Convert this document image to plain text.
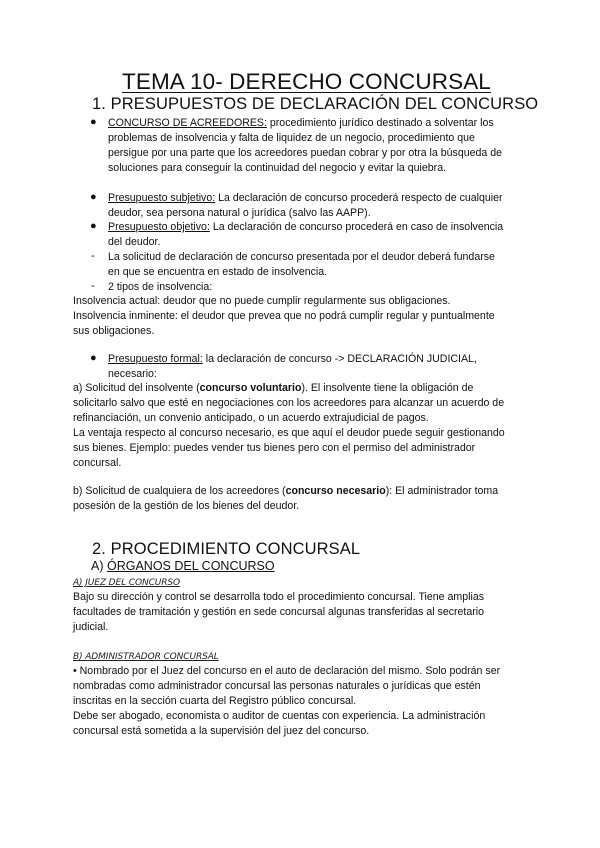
TEMA 10- DERECHO CONCURSAL
1. PRESUPUESTOS DE DECLARACIÓN DEL CONCURSO
● CONCURSO DE ACREEDORES: procedimiento jurídico destinado a solventar los
problemas de insolvencia y falta de liquidez de un negocio, procedimiento que
persigue por una parte que los acreedores puedan cobrar y por otra la búsqueda de
soluciones para conseguir la continuidad del negocio y evitar la quiebra.
● Presupuesto subjetivo: La declaración de concurso procederá respecto de cualquier
deudor, sea persona natural o jurídica (salvo las AAPP).
● Presupuesto objetivo: La declaración de concurso procederá en caso de insolvencia
del deudor.
- La solicitud de declaración de concurso presentada por el deudor deberá fundarse
en que se encuentra en estado de insolvencia.
- 2 tipos de insolvencia:
Insolvencia actual: deudor que no puede cumplir regularmente sus obligaciones.
Insolvencia inminente: el deudor que prevea que no podrá cumplir regular y puntualmente
sus obligaciones.
● Presupuesto formal: la declaración de concurso -> DECLARACIÓN JUDICIAL,
necesario:
a) Solicitud del insolvente (concurso voluntario). El insolvente tiene la obligación de
solicitarlo salvo que esté en negociaciones con los acreedores para alcanzar un acuerdo de
refinanciación, un convenio anticipado, o un acuerdo extrajudicial de pagos.
La ventaja respecto al concurso necesario, es que aquí el deudor puede seguir gestionando
sus bienes. Ejemplo: puedes vender tus bienes pero con el permiso del administrador
concursal.
b) Solicitud de cualquiera de los acreedores (concurso necesario): El administrador toma
posesión de la gestión de los bienes del deudor.
2. PROCEDIMIENTO CONCURSAL
A) ÓRGANOS DEL CONCURSO
A) JUEZ DEL CONCURSO
Bajo su dirección y control se desarrolla todo el procedimiento concursal. Tiene amplias
facultades de tramitación y gestión en sede concursal algunas transferidas al secretario
judicial.
B) ADMINISTRADOR CONCURSAL
• Nombrado por el Juez del concurso en el auto de declaración del mismo. Solo podrán ser
nombradas como administrador concursal las personas naturales o jurídicas que estén
inscritas en la sección cuarta del Registro público concursal.
Debe ser abogado, economista o auditor de cuentas con experiencia. La administración
concursal está sometida a la supervisión del juez del concurso.
